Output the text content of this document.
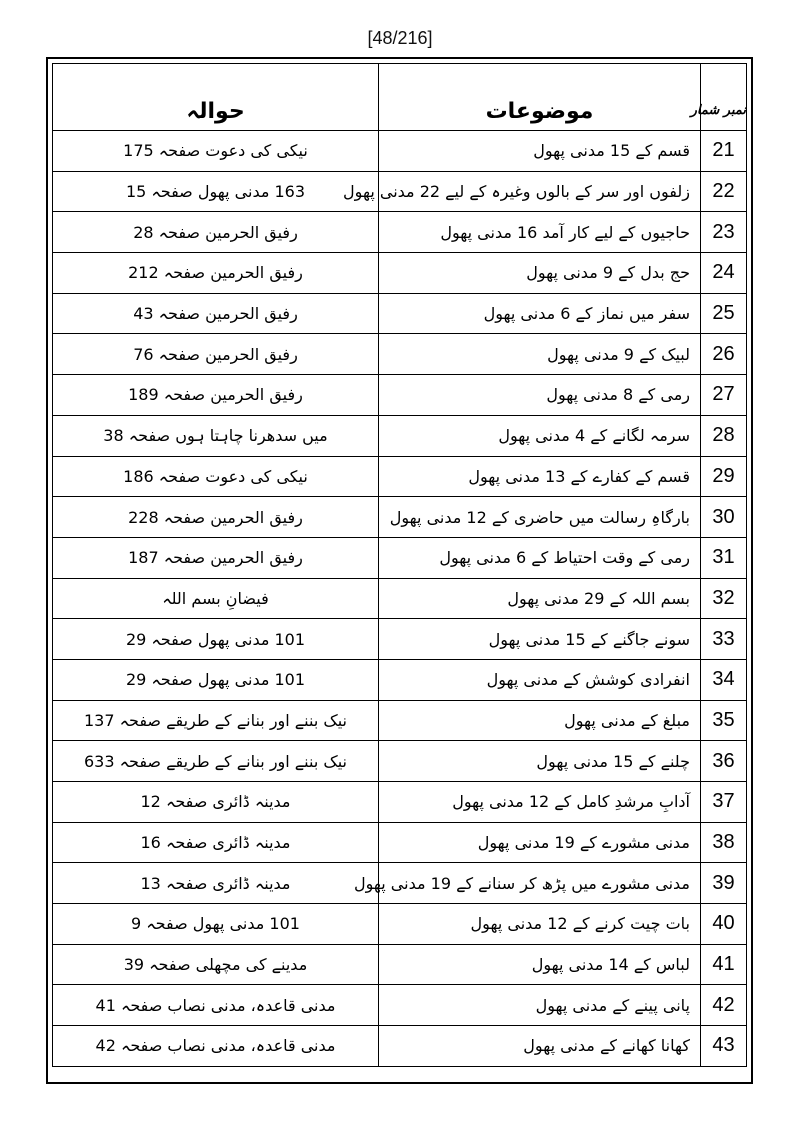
[48/216]
نمبر شمار	موضوعات	حوالہ
21	قسم کے 15 مدنی پھول	نیکی کی دعوت صفحہ 175
22	زلفوں اور سر کے بالوں وغیرہ کے لیے 22 مدنی پھول	163 مدنی پھول صفحہ 15
23	حاجیوں کے لیے کار آمد 16 مدنی پھول	رفیق الحرمین صفحہ 28
24	حج بدل کے 9 مدنی پھول	رفیق الحرمین صفحہ 212
25	سفر میں نماز کے 6 مدنی پھول	رفیق الحرمین صفحہ 43
26	لبیک کے 9 مدنی پھول	رفیق الحرمین صفحہ 76
27	رمی کے 8 مدنی پھول	رفیق الحرمین صفحہ 189
28	سرمہ لگانے کے 4 مدنی پھول	میں سدھرنا چاہتا ہوں صفحہ 38
29	قسم کے کفارے کے 13 مدنی پھول	نیکی کی دعوت صفحہ 186
30	بارگاہِ رسالت میں حاضری کے 12 مدنی پھول	رفیق الحرمین صفحہ 228
31	رمی کے وقت احتیاط کے 6 مدنی پھول	رفیق الحرمین صفحہ 187
32	بسم اللہ کے 29 مدنی پھول	فیضانِ بسم اللہ
33	سونے جاگنے کے 15 مدنی پھول	101 مدنی پھول صفحہ 29
34	انفرادی کوشش کے مدنی پھول	101 مدنی پھول صفحہ 29
35	مبلغ کے مدنی پھول	نیک بننے اور بنانے کے طریقے صفحہ 137
36	چلنے کے 15 مدنی پھول	نیک بننے اور بنانے کے طریقے صفحہ 633
37	آدابِ مرشدِ کامل کے 12 مدنی پھول	مدینہ ڈائری صفحہ 12
38	مدنی مشورے کے 19 مدنی پھول	مدینہ ڈائری صفحہ 16
39	مدنی مشورے میں پڑھ کر سنانے کے 19 مدنی پھول	مدینہ ڈائری صفحہ 13
40	بات چیت کرنے کے 12 مدنی پھول	101 مدنی پھول صفحہ 9
41	لباس کے 14 مدنی پھول	مدینے کی مچھلی صفحہ 39
42	پانی پینے کے مدنی پھول	مدنی قاعدہ، مدنی نصاب صفحہ 41
43	کھانا کھانے کے مدنی پھول	مدنی قاعدہ، مدنی نصاب صفحہ 42
